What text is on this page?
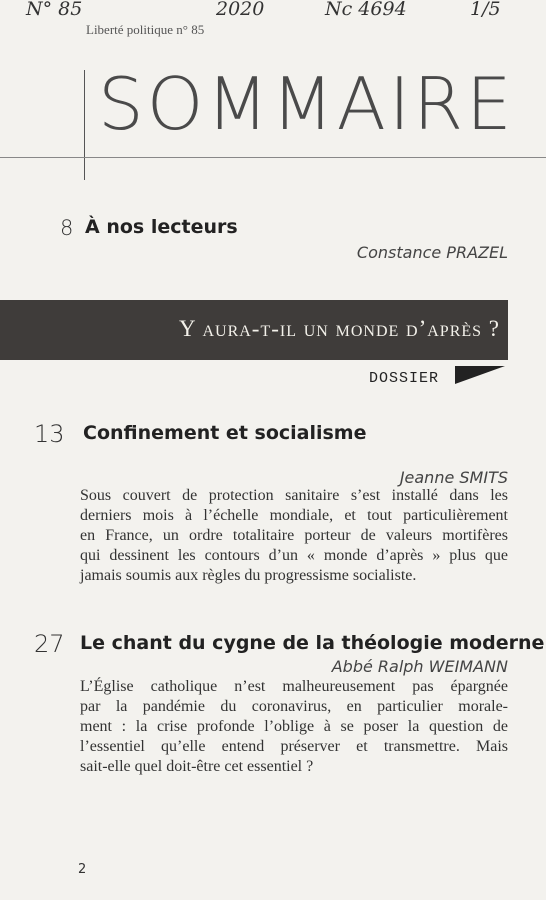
N° 85	2020	Nc 4694	1/5
Liberté politique n° 85
SOMMAIRE
8 À nos lecteurs
Constance PRAZEL
Y aura-t-il un monde d’après ?
DOSSIER
13 Confinement et socialisme
Jeanne SMITS
Sous couvert de protection sanitaire s’est installé dans les
derniers mois à l’échelle mondiale, et tout particulièrement
en France, un ordre totalitaire porteur de valeurs mortifères
qui dessinent les contours d’un « monde d’après » plus que
jamais soumis aux règles du progressisme socialiste.
27 Le chant du cygne de la théologie moderne
Abbé Ralph WEIMANN
L’Église catholique n’est malheureusement pas épargnée
par la pandémie du coronavirus, en particulier morale-
ment : la crise profonde l’oblige à se poser la question de
l’essentiel qu’elle entend préserver et transmettre. Mais
sait-elle quel doit-être cet essentiel ?
2
